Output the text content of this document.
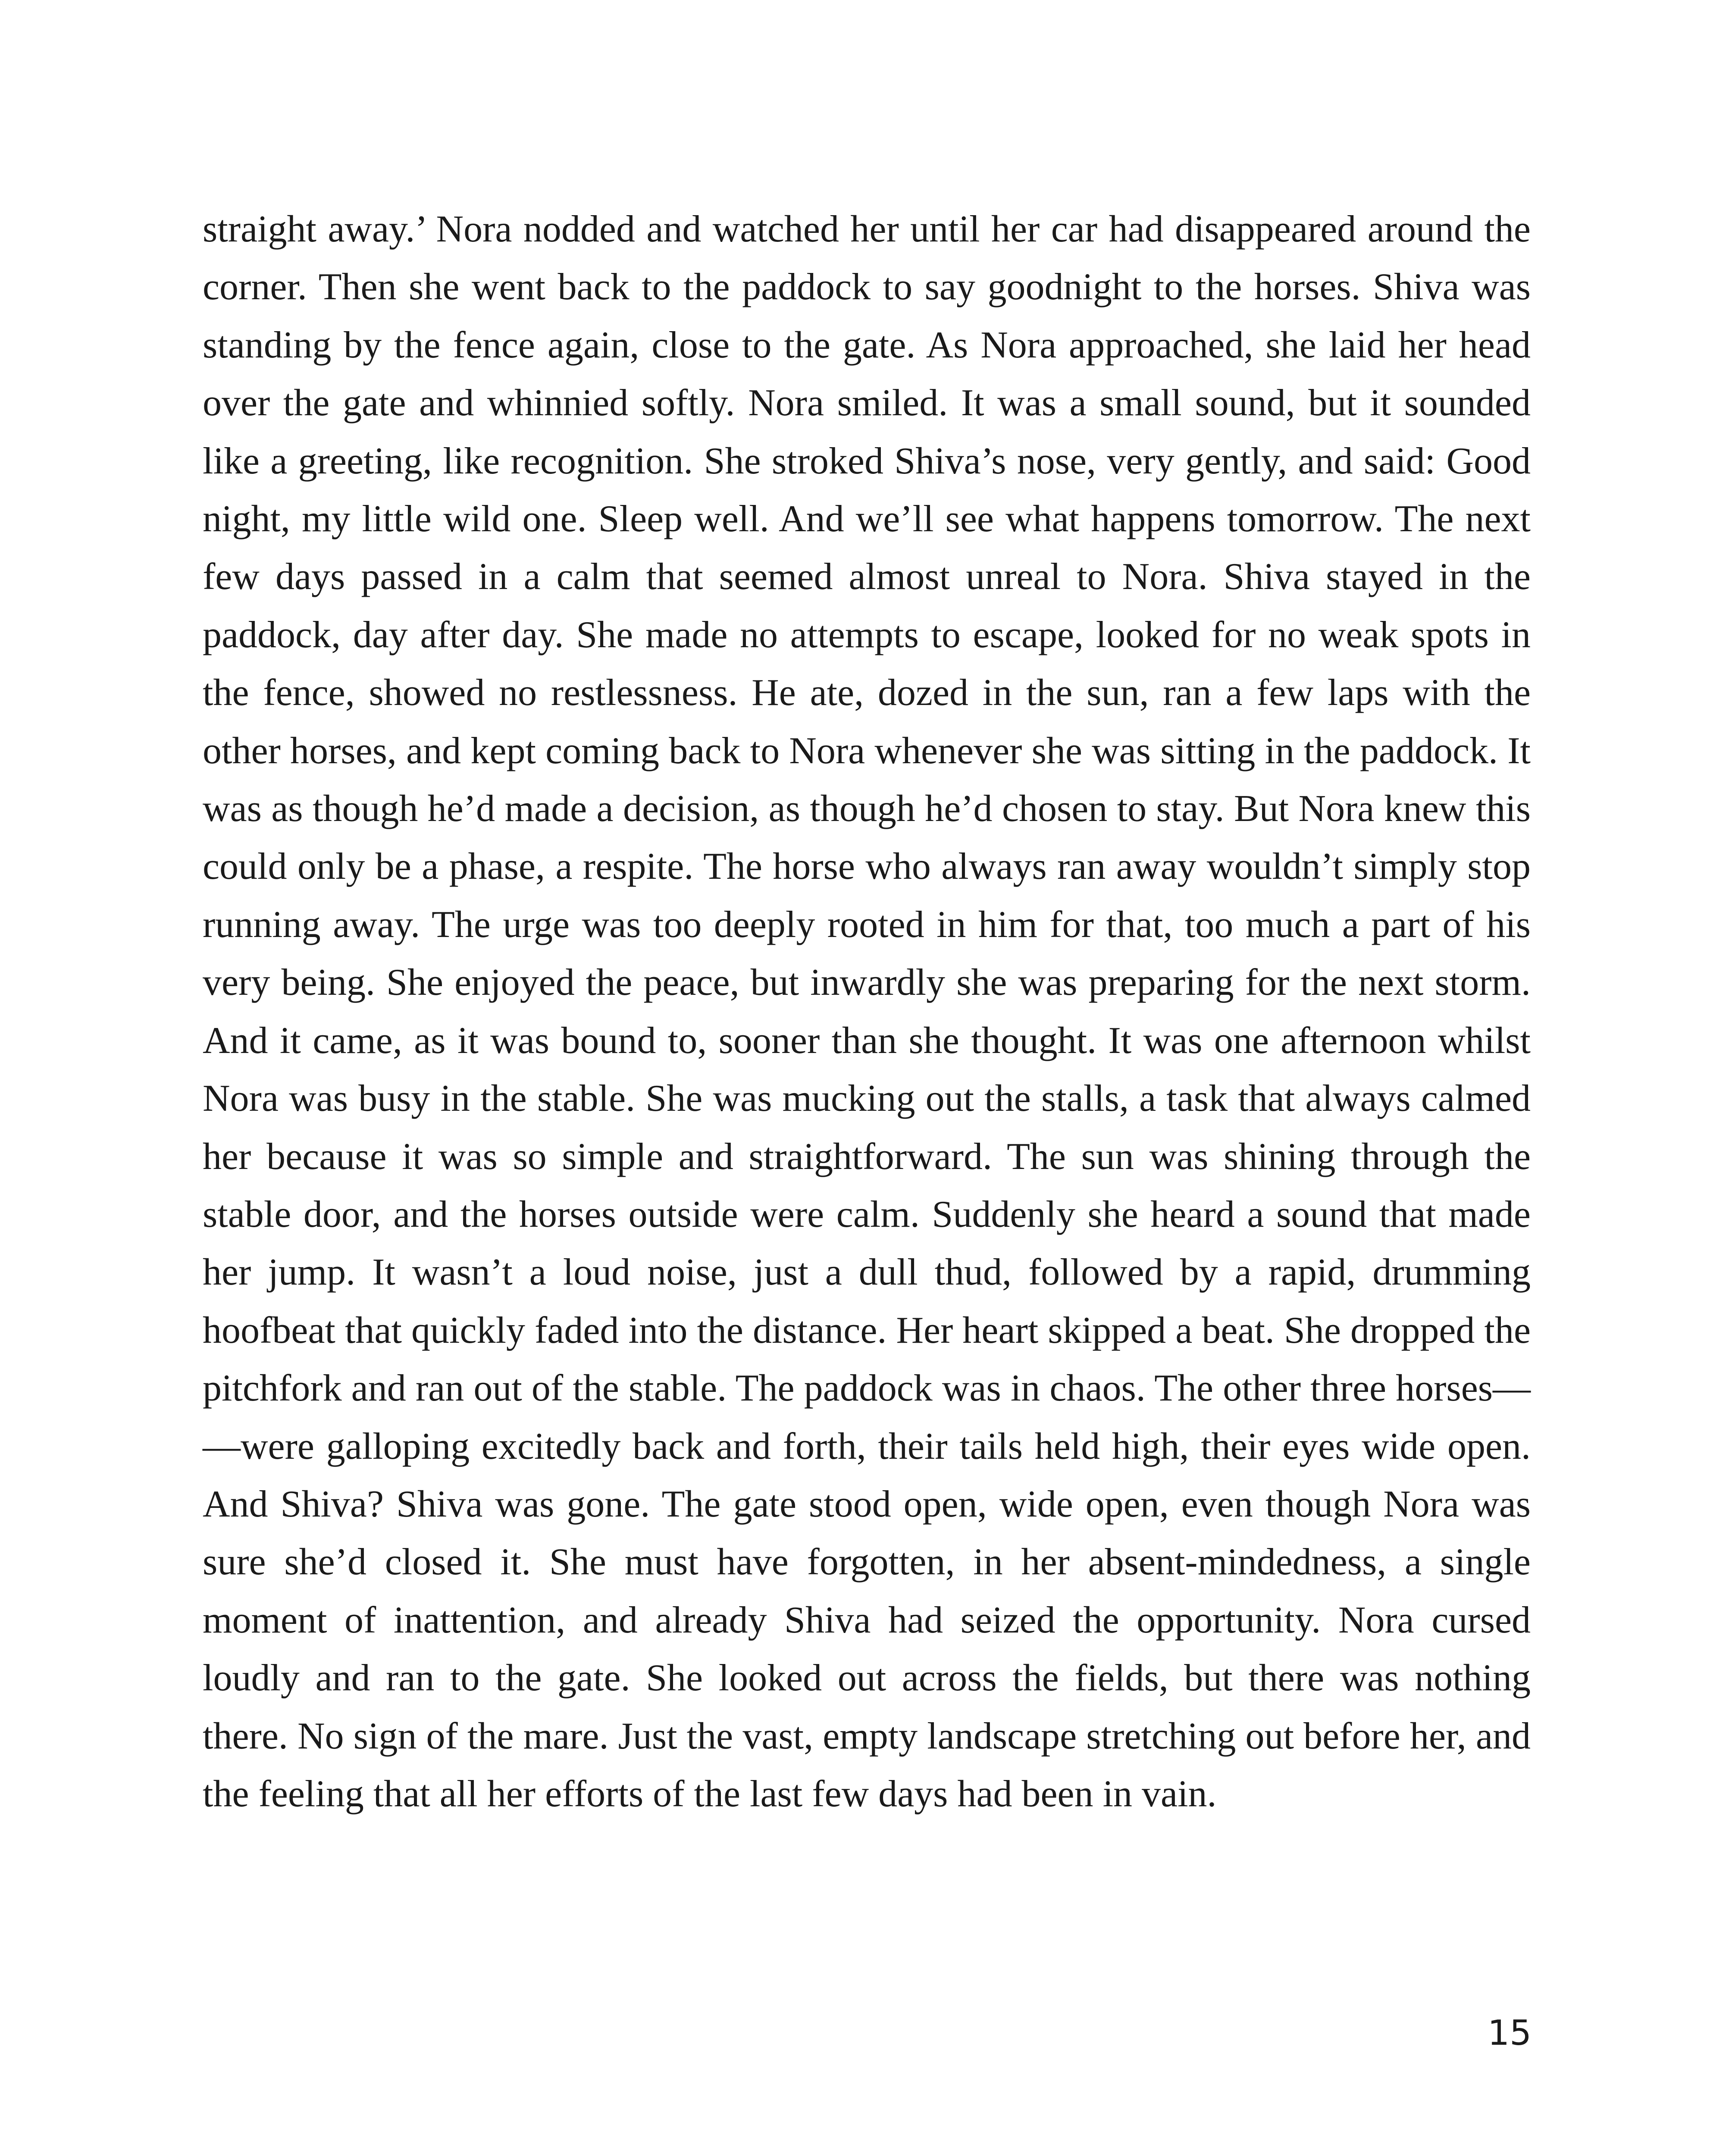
straight away.’ Nora nodded and watched her until her car had disappeared around the corner. Then she went back to the paddock to say goodnight to the horses. Shiva was standing by the fence again, close to the gate. As Nora approached, she laid her head over the gate and whinnied softly. Nora smiled. It was a small sound, but it sounded like a greeting, like recognition. She stroked Shiva’s nose, very gently, and said: Good night, my little wild one. Sleep well. And we’ll see what happens tomorrow. The next few days passed in a calm that seemed almost unreal to Nora. Shiva stayed in the paddock, day after day. She made no attempts to escape, looked for no weak spots in the fence, showed no restlessness. He ate, dozed in the sun, ran a few laps with the other horses, and kept coming back to Nora whenever she was sitting in the paddock. It was as though he’d made a decision, as though he’d chosen to stay. But Nora knew this could only be a phase, a respite. The horse who always ran away wouldn’t simply stop running away. The urge was too deeply rooted in him for that, too much a part of his very being. She enjoyed the peace, but inwardly she was preparing for the next storm. And it came, as it was bound to, sooner than she thought. It was one afternoon whilst Nora was busy in the stable. She was mucking out the stalls, a task that always calmed her because it was so simple and straightforward. The sun was shining through the stable door, and the horses outside were calm. Suddenly she heard a sound that made her jump. It wasn’t a loud noise, just a dull thud, followed by a rapid, drumming hoofbeat that quickly faded into the distance. Her heart skipped a beat. She dropped the pitchfork and ran out of the stable. The paddock was in chaos. The other three horses— —were galloping excitedly back and forth, their tails held high, their eyes wide open. And Shiva? Shiva was gone. The gate stood open, wide open, even though Nora was sure she’d closed it. She must have forgotten, in her absent-mindedness, a single moment of inattention, and already Shiva had seized the opportunity. Nora cursed loudly and ran to the gate. She looked out across the fields, but there was nothing there. No sign of the mare. Just the vast, empty landscape stretching out before her, and the feeling that all her efforts of the last few days had been in vain.

15
